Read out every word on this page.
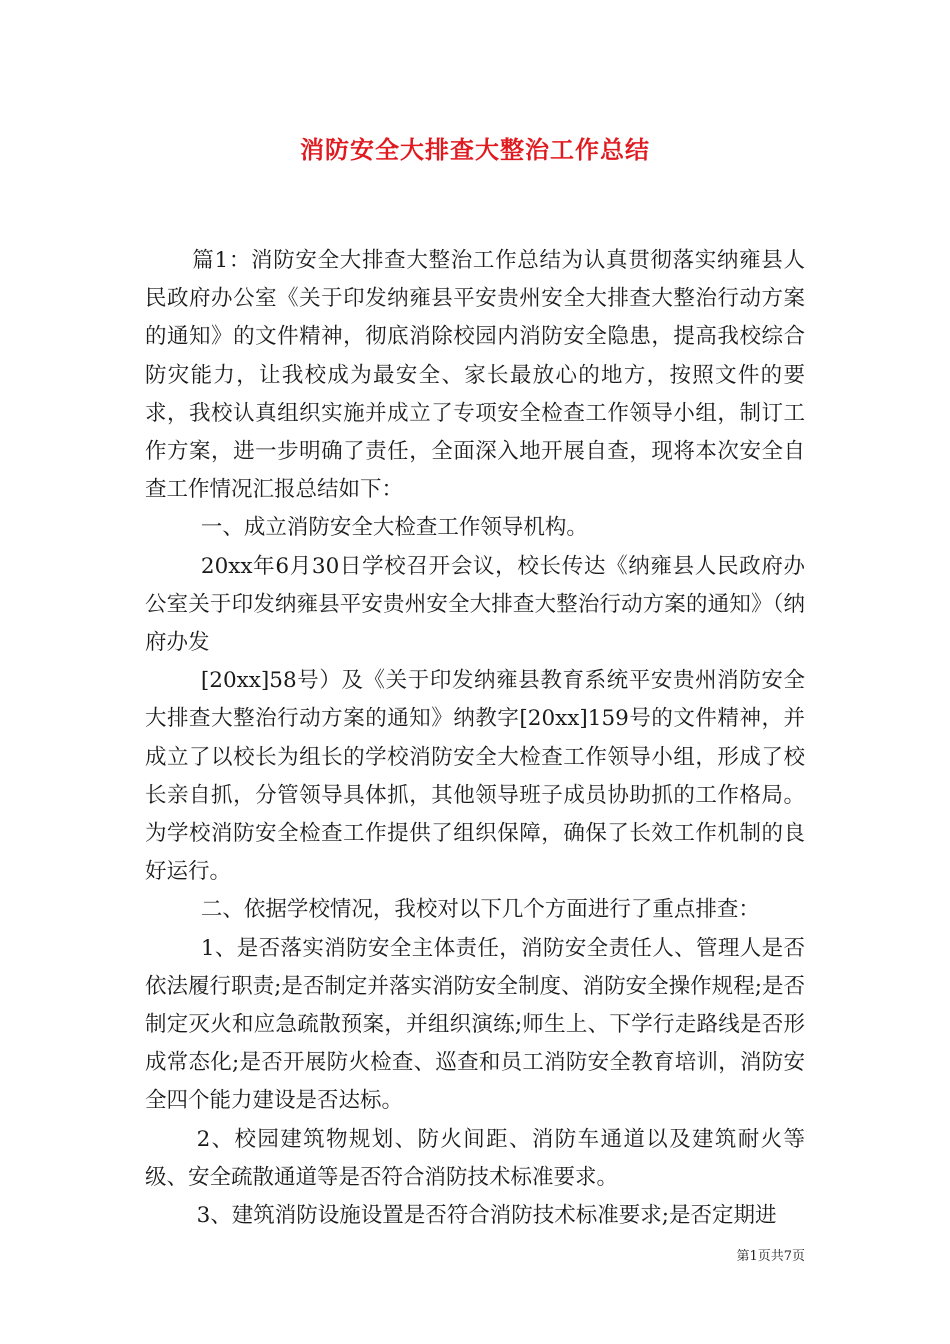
消防安全大排查大整治工作总结

篇1：消防安全大排查大整治工作总结为认真贯彻落实纳雍县人民政府办公室《关于印发纳雍县平安贵州安全大排查大整治行动方案的通知》的文件精神，彻底消除校园内消防安全隐患，提高我校综合防灾能力，让我校成为最安全、家长最放心的地方，按照文件的要求，我校认真组织实施并成立了专项安全检查工作领导小组，制订工作方案，进一步明确了责任，全面深入地开展自查，现将本次安全自查工作情况汇报总结如下：

一、成立消防安全大检查工作领导机构。

20xx年6月30日学校召开会议，校长传达《纳雍县人民政府办公室关于印发纳雍县平安贵州安全大排查大整治行动方案的通知》（纳府办发

[20xx]58号）及《关于印发纳雍县教育系统平安贵州消防安全大排查大整治行动方案的通知》纳教字[20xx]159号的文件精神，并成立了以校长为组长的学校消防安全大检查工作领导小组，形成了校长亲自抓，分管领导具体抓，其他领导班子成员协助抓的工作格局。为学校消防安全检查工作提供了组织保障，确保了长效工作机制的良好运行。

二、依据学校情况，我校对以下几个方面进行了重点排查：

1、是否落实消防安全主体责任，消防安全责任人、管理人是否依法履行职责;是否制定并落实消防安全制度、消防安全操作规程;是否制定灭火和应急疏散预案，并组织演练;师生上、下学行走路线是否形成常态化;是否开展防火检查、巡查和员工消防安全教育培训，消防安全四个能力建设是否达标。

2、校园建筑物规划、防火间距、消防车通道以及建筑耐火等级、安全疏散通道等是否符合消防技术标准要求。

3、建筑消防设施设置是否符合消防技术标准要求;是否定期进

第1页共7页
